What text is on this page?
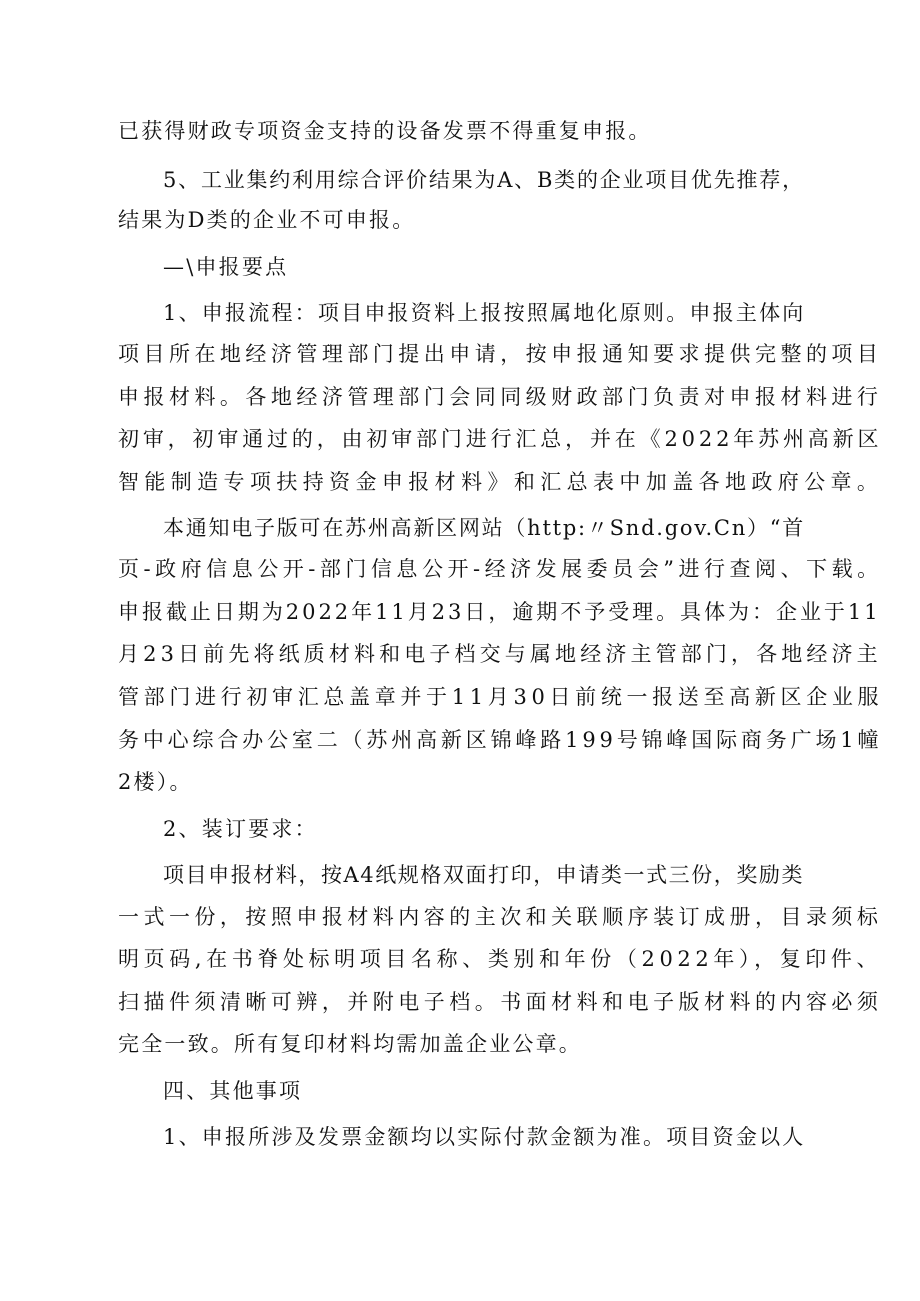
已获得财政专项资金支持的设备发票不得重复申报。
5、工业集约利用综合评价结果为A、B类的企业项目优先推荐，
结果为D类的企业不可申报。
—\申报要点
1、申报流程：项目申报资料上报按照属地化原则。申报主体向
项目所在地经济管理部门提出申请，按申报通知要求提供完整的项目
申报材料。各地经济管理部门会同同级财政部门负责对申报材料进行
初审，初审通过的，由初审部门进行汇总，并在《2022年苏州高新区
智能制造专项扶持资金申报材料》和汇总表中加盖各地政府公章。
本通知电子版可在苏州高新区网站（http:〃Snd.gov.Cn）“首
页-政府信息公开-部门信息公开-经济发展委员会”进行查阅、下载。
申报截止日期为2022年11月23日，逾期不予受理。具体为：企业于11
月23日前先将纸质材料和电子档交与属地经济主管部门，各地经济主
管部门进行初审汇总盖章并于11月30日前统一报送至高新区企业服
务中心综合办公室二（苏州高新区锦峰路199号锦峰国际商务广场1幢
2楼）。
2、装订要求：
项目申报材料，按A4纸规格双面打印，申请类一式三份，奖励类
一式一份，按照申报材料内容的主次和关联顺序装订成册，目录须标
明页码,在书脊处标明项目名称、类别和年份（2022年），复印件、
扫描件须清晰可辨，并附电子档。书面材料和电子版材料的内容必须
完全一致。所有复印材料均需加盖企业公章。
四、其他事项
1、申报所涉及发票金额均以实际付款金额为准。项目资金以人
